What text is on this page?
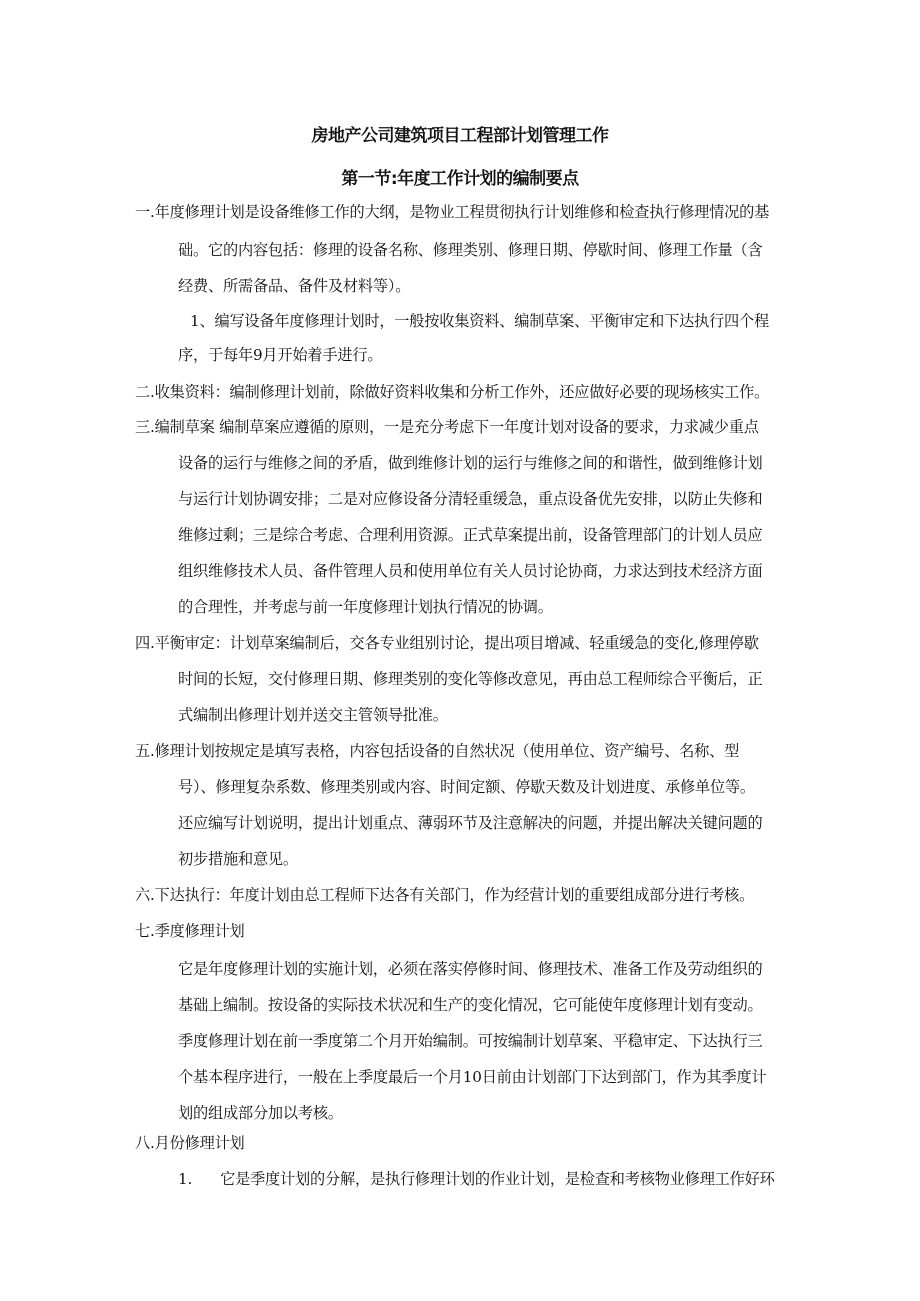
房地产公司建筑项目工程部计划管理工作
第一节:年度工作计划的编制要点
一.年度修理计划是设备维修工作的大纲，是物业工程贯彻执行计划维修和检查执行修理情况的基
础。它的内容包括：修理的设备名称、修理类别、修理日期、停歇时间、修理工作量（含
经费、所需备品、备件及材料等）。
1、编写设备年度修理计划时，一般按收集资料、编制草案、平衡审定和下达执行四个程
序，于每年9月开始着手进行。
二.收集资料：编制修理计划前，除做好资料收集和分析工作外，还应做好必要的现场核实工作。
三.编制草案 编制草案应遵循的原则，一是充分考虑下一年度计划对设备的要求，力求减少重点
设备的运行与维修之间的矛盾，做到维修计划的运行与维修之间的和谐性，做到维修计划
与运行计划协调安排；二是对应修设备分清轻重缓急，重点设备优先安排，以防止失修和
维修过剩；三是综合考虑、合理利用资源。正式草案提出前，设备管理部门的计划人员应
组织维修技术人员、备件管理人员和使用单位有关人员讨论协商，力求达到技术经济方面
的合理性，并考虑与前一年度修理计划执行情况的协调。
四.平衡审定：计划草案编制后，交各专业组别讨论，提出项目增减、轻重缓急的变化,修理停歇
时间的长短，交付修理日期、修理类别的变化等修改意见，再由总工程师综合平衡后，正
式编制出修理计划并送交主管领导批准。
五.修理计划按规定是填写表格，内容包括设备的自然状况（使用单位、资产编号、名称、型
号）、修理复杂系数、修理类别或内容、时间定额、停歇天数及计划进度、承修单位等。
还应编写计划说明，提出计划重点、薄弱环节及注意解决的问题，并提出解决关键问题的
初步措施和意见。
六.下达执行：年度计划由总工程师下达各有关部门，作为经营计划的重要组成部分进行考核。
七.季度修理计划
它是年度修理计划的实施计划，必须在落实停修时间、修理技术、准备工作及劳动组织的
基础上编制。按设备的实际技术状况和生产的变化情况，它可能使年度修理计划有变动。
季度修理计划在前一季度第二个月开始编制。可按编制计划草案、平稳审定、下达执行三
个基本程序进行，一般在上季度最后一个月10日前由计划部门下达到部门，作为其季度计
划的组成部分加以考核。
八.月份修理计划
1. 它是季度计划的分解，是执行修理计划的作业计划，是检查和考核物业修理工作好环
